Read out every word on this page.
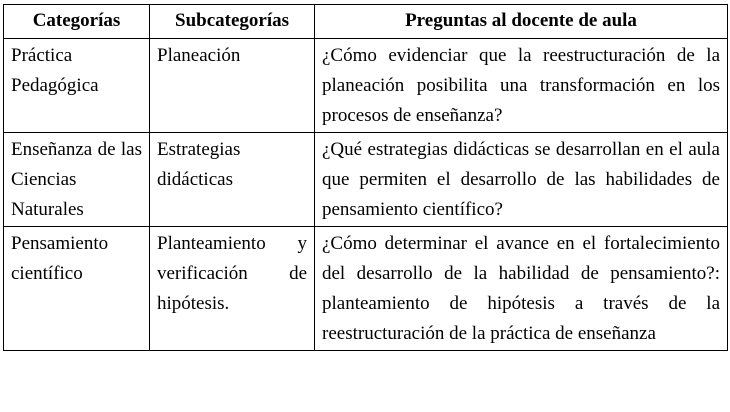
Categorías	Subcategorías	Preguntas al docente de aula
Práctica Pedagógica	Planeación	¿Cómo evidenciar que la reestructuración de la planeación posibilita una transformación en los procesos de enseñanza?
Enseñanza de las Ciencias Naturales	Estrategias didácticas	¿Qué estrategias didácticas se desarrollan en el aula que permiten el desarrollo de las habilidades de pensamiento científico?
Pensamiento científico	Planteamiento y verificación de hipótesis.	¿Cómo determinar el avance en el fortalecimiento del desarrollo de la habilidad de pensamiento?: planteamiento de hipótesis a través de la reestructuración de la práctica de enseñanza
